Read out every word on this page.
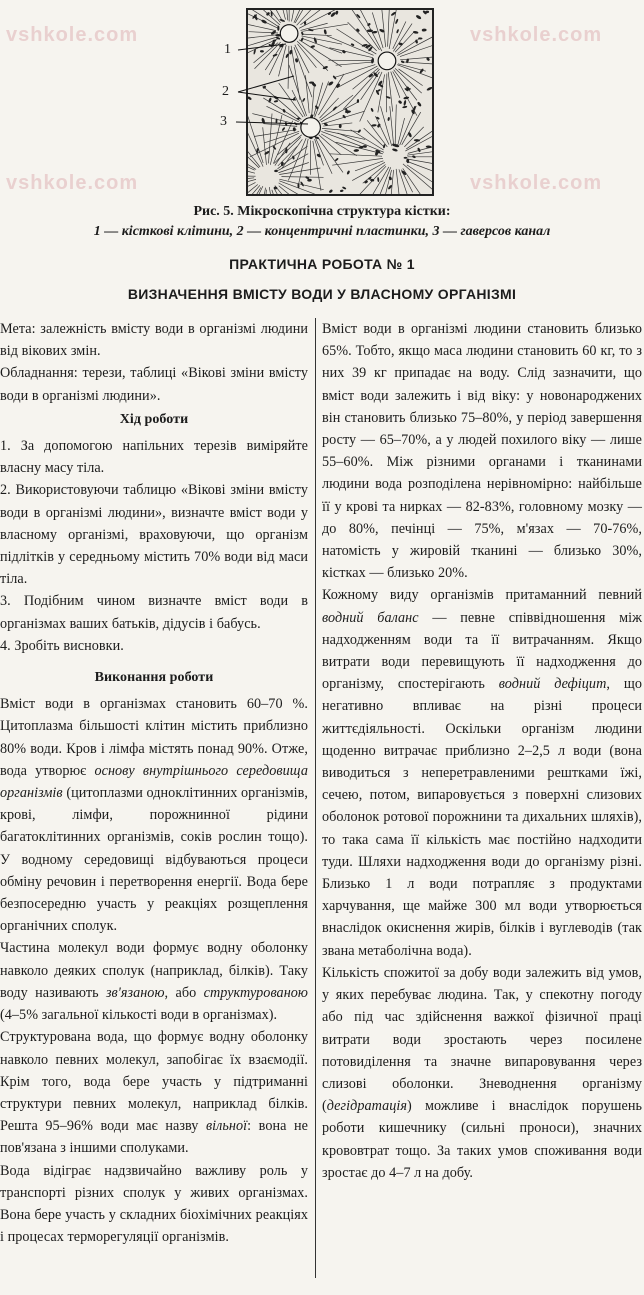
vshkole.com
vshkole.com
vshkole.com
vshkole.com
1
2
3
Рис. 5. Мікроскопічна структура кістки:
1 — кісткові клітини, 2 — концентричні пластинки, 3 — гаверсов канал
ПРАКТИЧНА РОБОТА № 1
ВИЗНАЧЕННЯ ВМІСТУ ВОДИ У ВЛАСНОМУ ОРГАНІЗМІ

Мета: залежність вмісту води в організмі людини від вікових змін.

Обладнання: терези, таблиці «Вікові зміни вмісту води в організмі людини».

Хід роботи

1. За допомогою напільних терезів виміряйте власну масу тіла.

2. Використовуючи таблицю «Вікові зміни вмісту води в організмі людини», визначте вміст води у власному організмі, враховуючи, що організм підлітків у середньому містить 70% води від маси тіла.

3. Подібним чином визначте вміст води в організмах ваших батьків, дідусів і бабусь.

4. Зробіть висновки.

Виконання роботи

Вміст води в організмах становить 60–70 %. Цитоплазма більшості клітин містить приблизно 80% води. Кров і лімфа містять понад 90%. Отже, вода утворює основу внутрішнього середовища організмів (цитоплазми одноклітинних організмів, крові, лімфи, порожнинної рідини багатоклітинних організмів, соків рослин тощо). У водному середовищі відбуваються процеси обміну речовин і перетворення енергії. Вода бере безпосередню участь у реакціях розщеплення органічних сполук.

Частина молекул води формує водну оболонку навколо деяких сполук (наприклад, білків). Таку воду називають зв'язаною, або структурованою (4–5% загальної кількості води в організмах).

Структурована вода, що формує водну оболонку навколо певних молекул, запобігає їх взаємодії. Крім того, вода бере участь у підтриманні структури певних молекул, наприклад білків. Решта 95–96% води має назву вільної: вона не пов'язана з іншими сполуками.

Вода відіграє надзвичайно важливу роль у транспорті різних сполук у живих організмах. Вона бере участь у складних біохімічних реакціях і процесах терморегуляції організмів.

Вміст води в організмі людини становить близько 65%. Тобто, якщо маса людини становить 60 кг, то з них 39 кг припадає на воду. Слід зазначити, що вміст води залежить і від віку: у новонароджених він становить близько 75–80%, у період завершення росту — 65–70%, а у людей похилого віку — лише 55–60%. Між різними органами і тканинами людини вода розподілена нерівномірно: найбільше її у крові та нирках — 82-83%, головному мозку — до 80%, печінці — 75%, м'язах — 70-76%, натомість у жировій тканині — близько 30%, кістках — близько 20%.

Кожному виду організмів притаманний певний водний баланс — певне співвідношення між надходженням води та її витрачанням. Якщо витрати води перевищують її надходження до організму, спостерігають водний дефіцит, що негативно впливає на різні процеси життєдіяльності. Оскільки організм людини щоденно витрачає приблизно 2–2,5 л води (вона виводиться з неперетравленими рештками їжі, сечею, потом, випаровується з поверхні слизових оболонок ротової порожнини та дихальних шляхів), то така сама її кількість має постійно надходити туди. Шляхи надходження води до організму різні. Близько 1 л води потрапляє з продуктами харчування, ще майже 300 мл води утворюється внаслідок окиснення жирів, білків і вуглеводів (так звана метаболічна вода).

Кількість спожитої за добу води залежить від умов, у яких перебуває людина. Так, у спекотну погоду або під час здійснення важкої фізичної праці витрати води зростають через посилене потовиділення та значне випаровування через слизові оболонки. Зневоднення організму (дегідратація) можливе і внаслідок порушень роботи кишечнику (сильні проноси), значних крововтрат тощо. За таких умов споживання води зростає до 4–7 л на добу.
